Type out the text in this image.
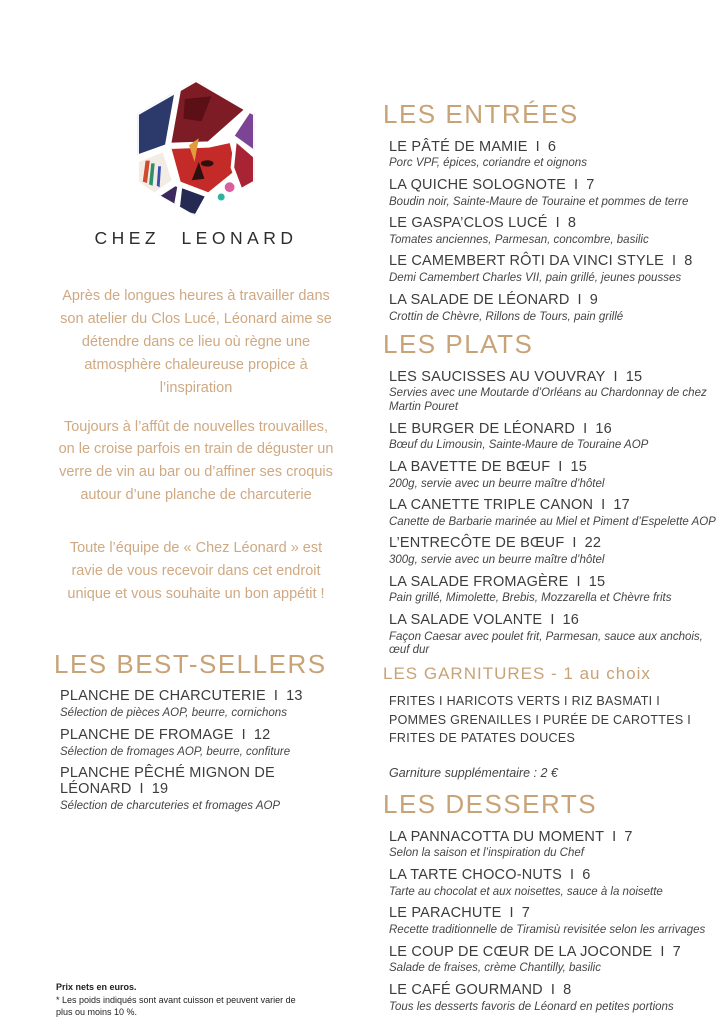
CHEZ LEONARD
Après de longues heures à travailler dans son atelier du Clos Lucé, Léonard aime se détendre dans ce lieu où règne une atmosphère chaleureuse propice à l’inspiration
Toujours à l’affût de nouvelles trouvailles, on le croise parfois en train de déguster un verre de vin au bar ou d’affiner ses croquis autour d’une planche de charcuterie
Toute l’équipe de « Chez Léonard » est ravie de vous recevoir dans cet endroit unique et vous souhaite un bon appétit !
LES BEST-SELLERS
PLANCHE DE CHARCUTERIE I 13
Sélection de pièces AOP, beurre, cornichons
PLANCHE DE FROMAGE I 12
Sélection de fromages AOP, beurre, confiture
PLANCHE PÊCHÉ MIGNON DE LÉONARD I 19
Sélection de charcuteries et fromages AOP
LES ENTRÉES
LE PÂTÉ DE MAMIE I 6
Porc VPF, épices, coriandre et oignons
LA QUICHE SOLOGNOTE I 7
Boudin noir, Sainte-Maure de Touraine et pommes de terre
LE GASPA’CLOS LUCÉ I 8
Tomates anciennes, Parmesan, concombre, basilic
LE CAMEMBERT RÔTI DA VINCI STYLE I 8
Demi Camembert Charles VII, pain grillé, jeunes pousses
LA SALADE DE LÉONARD I 9
Crottin de Chèvre, Rillons de Tours, pain grillé
LES PLATS
LES SAUCISSES AU VOUVRAY I 15
Servies avec une Moutarde d’Orléans au Chardonnay de chez Martin Pouret
LE BURGER DE LÉONARD I 16
Bœuf du Limousin, Sainte-Maure de Touraine AOP
LA BAVETTE DE BŒUF I 15
200g, servie avec un beurre maître d’hôtel
LA CANETTE TRIPLE CANON I 17
Canette de Barbarie marinée au Miel et Piment d’Espelette AOP
L’ENTRECÔTE DE BŒUF I 22
300g, servie avec un beurre maître d’hôtel
LA SALADE FROMAGÈRE I 15
Pain grillé, Mimolette, Brebis, Mozzarella et Chèvre frits
LA SALADE VOLANTE I 16
Façon Caesar avec poulet frit, Parmesan, sauce aux anchois, œuf dur
LES GARNITURES - 1 au choix
FRITES I HARICOTS VERTS I RIZ BASMATI I
POMMES GRENAILLES I PURÉE DE CAROTTES I
FRITES DE PATATES DOUCES
Garniture supplémentaire : 2 €
LES DESSERTS
LA PANNACOTTA DU MOMENT I 7
Selon la saison et l’inspiration du Chef
LA TARTE CHOCO-NUTS I 6
Tarte au chocolat et aux noisettes, sauce à la noisette
LE PARACHUTE I 7
Recette traditionnelle de Tiramisù revisitée selon les arrivages
LE COUP DE CŒUR DE LA JOCONDE I 7
Salade de fraises, crème Chantilly, basilic
LE CAFÉ GOURMAND I 8
Tous les desserts favoris de Léonard en petites portions
Prix nets en euros.
* Les poids indiqués sont avant cuisson et peuvent varier de plus ou moins 10 %.
